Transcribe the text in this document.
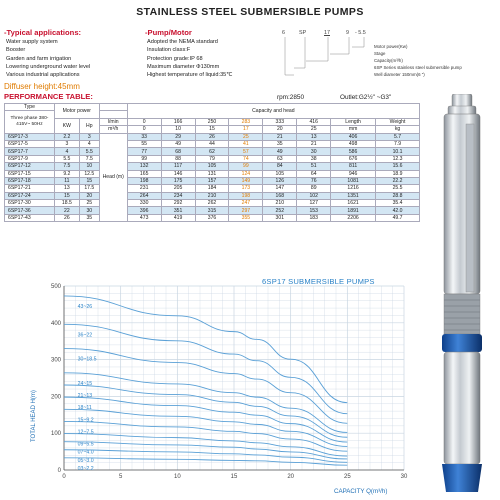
STAINLESS STEEL SUBMERSIBLE PUMPS
-Typical applications:
Water supply system
Booster
Garden and farm irrigation
Lowering underground water level
Various industrial applications
-Pump/Motor
Adopted the NEMA standard
Insulation class:F
Protection grade:IP 68
Maximum diameter Φ130mm
Highest temperature of liquid:35℃
Diffuser height:45mm
6	SP	17	9 - 5.5
Motor power(Kw)
Stage
Capacity(m³/h)
6SP Series stainless steel submersible pump
Well diameter 150mm(6 ")
PERFORMANCE TABLE:	rpm:2850	Outlet:G2½" ~G3"
Type	Motor power			Capacity and head							
Three phase 380-415V~ 50Hz											
	KW	Hp	l/min	0	166	250	283	333	416	Length	Weight
			m³/h	0	10	15	17	20	25	mm	kg
6SP17-3	2.2	3	Head (m)	33	29	26	25	21	13	406	5.7
6SP17-5	3	4		55	49	44	41	35	21	498	7.9
6SP17-7	4	5.5		77	68	62	57	49	30	586	10.1
6SP17-9	5.5	7.5		99	88	79	74	63	38	676	12.3
6SP17-12	7.5	10		132	117	105	99	84	51	811	15.6
6SP17-15	9.2	12.5		165	146	131	124	105	64	946	18.9
6SP17-18	11	15		198	175	157	149	126	76	1081	22.2
6SP17-21	13	17.5		231	205	184	173	147	89	1216	25.5
6SP17-24	15	20		264	234	210	198	168	102	1351	28.8
6SP17-30	18.5	25		330	292	262	247	210	127	1621	35.4
6SP17-36	22	30		396	351	315	297	252	153	1891	42.0
6SP17-43	26	35		473	419	376	355	301	183	2206	49.7
6SP17 SUBMERSIBLE PUMPS
0
100
200
300
400
500
0	5	10	15	20	25	30
43~26
36~22
30~18.5
24~15
21~13
18~11
15~9.2
12~7.5
09~5.5
07~4.0
05~3.0
03~2.2
TOTAL HEAD H(m)
CAPACITY Q(m³/h)
